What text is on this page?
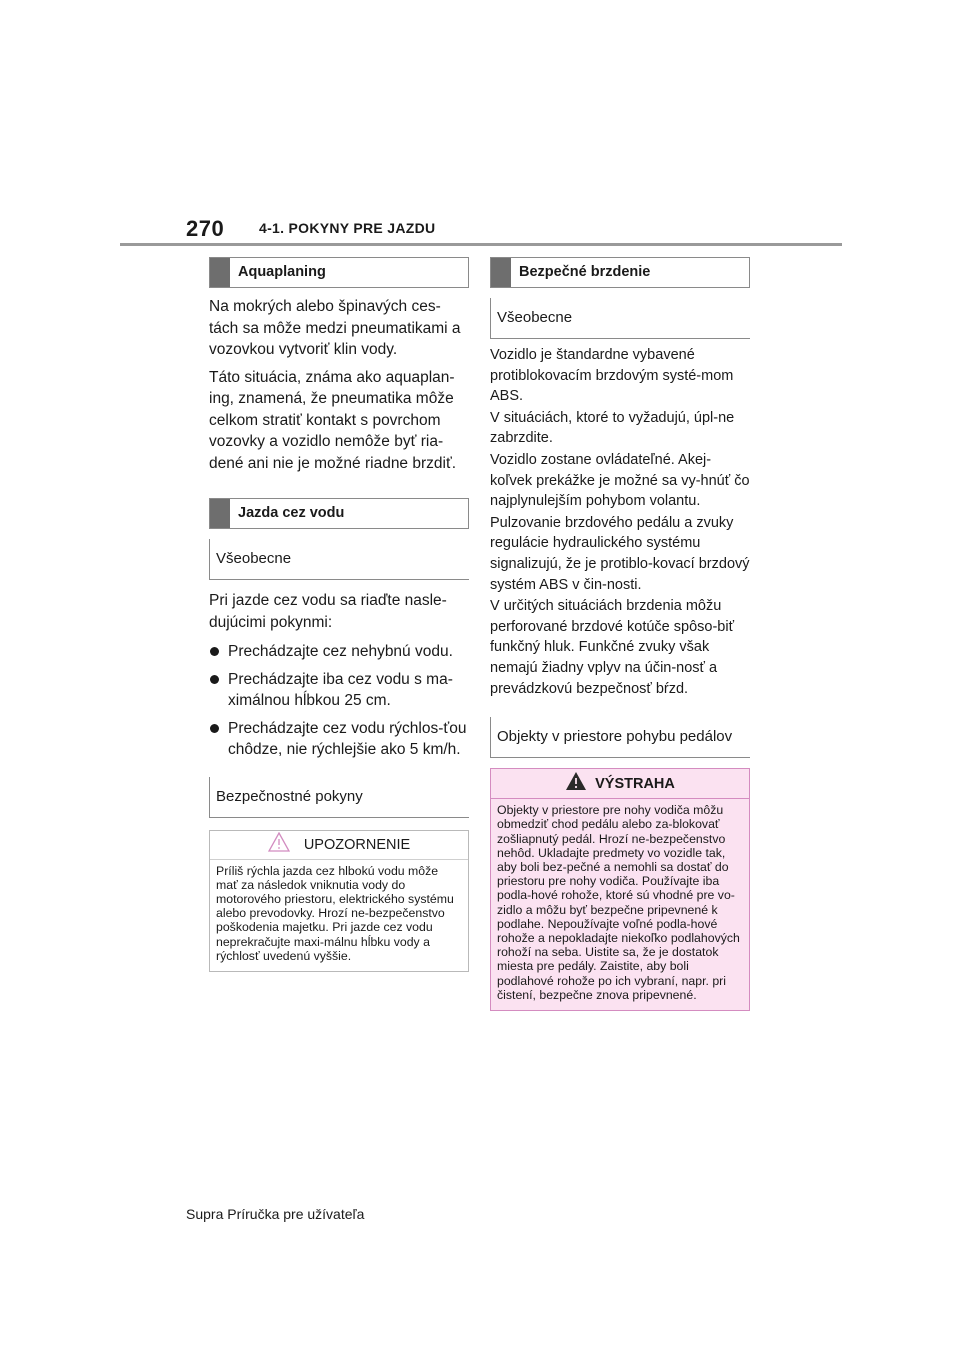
270 4-1. POKYNY PRE JAZDU
Aquaplaning

Na mokrých alebo špinavých ces-tách sa môže medzi pneumatikami a vozovkou vytvoriť klin vody.

Táto situácia, známa ako aquaplan-ing, znamená, že pneumatika môže celkom stratiť kontakt s povrchom vozovky a vozidlo nemôže byť ria-dené ani nie je možné riadne brzdiť.

Jazda cez vodu
Všeobecne

Pri jazde cez vodu sa riaďte nasle-dujúcimi pokynmi:

Prechádzajte cez nehybnú vodu.
Prechádzajte iba cez vodu s ma-ximálnou hĺbkou 25 cm.
Prechádzajte cez vodu rýchlos-ťou chôdze, nie rýchlejšie ako 5 km/h.
Bezpečnostné pokyny
UPOZORNENIE
Príliš rýchla jazda cez hlbokú vodu môže mať za následok vniknutia vody do motorového priestoru, elektrického systému alebo prevodovky. Hrozí ne-bezpečenstvo poškodenia majetku. Pri jazde cez vodu neprekračujte maxi-málnu hĺbku vody a rýchlosť uvedenú vyššie.
Bezpečné brzdenie
Všeobecne

Vozidlo je štandardne vybavené protiblokovacím brzdovým systé-mom ABS.

V situáciách, ktoré to vyžadujú, úpl-ne zabrzdite.

Vozidlo zostane ovládateľné. Akej-koľvek prekážke je možné sa vy-hnúť čo najplynulejším pohybom volantu.

Pulzovanie brzdového pedálu a zvuky regulácie hydraulického systému signalizujú, že je protiblo-kovací brzdový systém ABS v čin-nosti.

V určitých situáciách brzdenia môžu perforované brzdové kotúče spôso-biť funkčný hluk. Funkčné zvuky však nemajú žiadny vplyv na účin-nosť a prevádzkovú bezpečnosť bŕzd.

Objekty v priestore pohybu pedálov
VÝSTRAHA
Objekty v priestore pre nohy vodiča môžu obmedziť chod pedálu alebo za-blokovať zošliapnutý pedál. Hrozí ne-bezpečenstvo nehôd. Ukladajte predmety vo vozidle tak, aby boli bez-pečné a nemohli sa dostať do priestoru pre nohy vodiča. Používajte iba podla-hové rohože, ktoré sú vhodné pre vo-zidlo a môžu byť bezpečne pripevnené k podlahe. Nepoužívajte voľné podla-hové rohože a nepokladajte niekoľko podlahových rohoží na seba. Uistite sa, že je dostatok miesta pre pedály. Zaistite, aby boli podlahové rohože po ich vybraní, napr. pri čistení, bezpečne znova pripevnené.
Supra Príručka pre užívateľa
